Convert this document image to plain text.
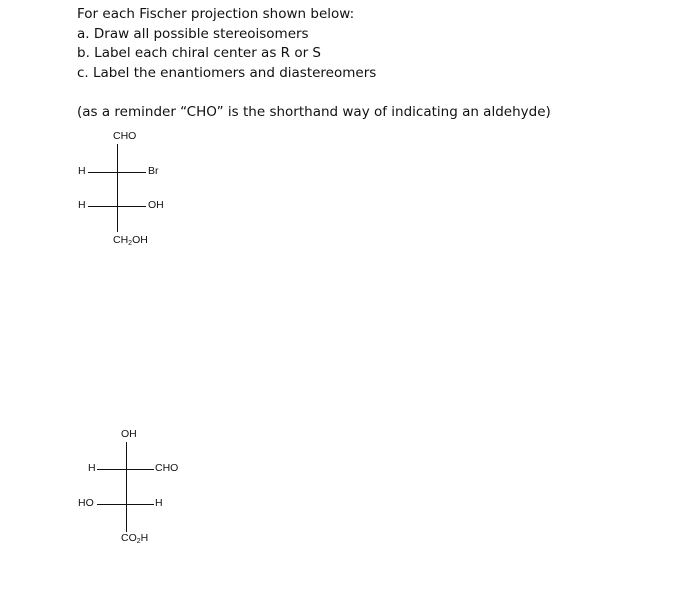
For each Fischer projection shown below:
a. Draw all possible stereoisomers
b. Label each chiral center as R or S
c. Label the enantiomers and diastereomers
(as a reminder “CHO” is the shorthand way of indicating an aldehyde)
CHO
H	Br
H	OH
$CH_2OH$
OH
H	CHO
HO	H
$CO_2H$
